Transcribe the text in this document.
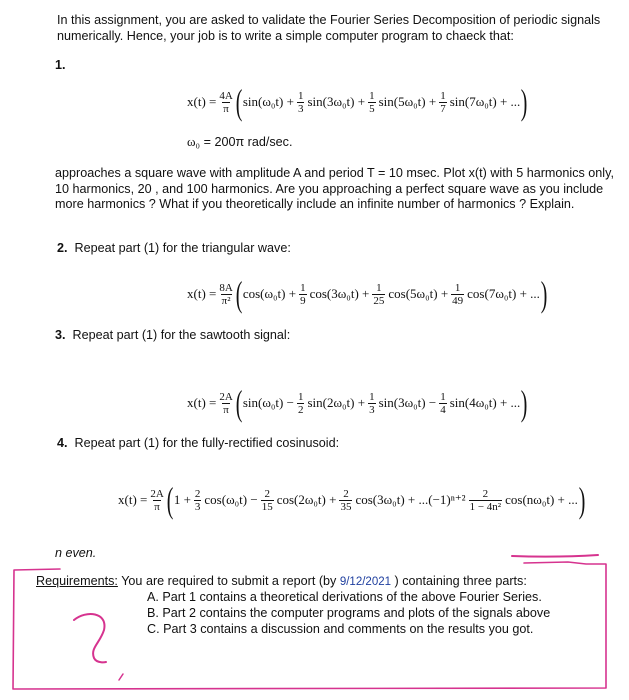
In this assignment, you are asked to validate the Fourier Series Decomposition of periodic signals numerically. Hence, your job is to write a simple computer program to chaeck that:
1.
$x(t) = \frac{4A}{\pi}$ ( $\sin(\omega_0t) + \frac{1}{3} \sin(3\omega_0t) + \frac{1}{5} \sin(5\omega_0t) + \frac{1}{7} \sin(7\omega_0t)$ + ... )
ω₀ = 200π rad/sec.
approaches a square wave with amplitude A and period T = 10 msec. Plot x(t) with 5 harmonics only, 10 harmonics, 20 , and 100 harmonics. Are you approaching a perfect square wave as you include more harmonics ? What if you theoretically include an infinite number of harmonics ? Explain.
2. Repeat part (1) for the triangular wave:
$x(t) = \frac{8A}{\text{π²}}$ ( $\cos(\omega_0t) + \frac{1}{9} \cos(3\omega_0t) + \frac{1}{25} \cos(5\omega_0t) + \frac{1}{49} \cos(7\omega_0t)$ + ... )
3. Repeat part (1) for the sawtooth signal:
$x(t) = \frac{2A}{\pi}$ ( $\sin(\omega_0t) - \frac{1}{2} \sin(2\omega_0t) + \frac{1}{3} \sin(3\omega_0t) - \frac{1}{4} \sin(4\omega_0t)$ + ... )
4. Repeat part (1) for the fully-rectified cosinusoid:
$x(t) = \frac{2A}{\pi}$ ( $1 + \frac{2}{3} \cos(\omega_0t) - \frac{2}{15} \cos(2\omega_0t) + \frac{2}{35} \cos(3\omega_0t) + ...(-1)^{n+2}$ 2
1 − 4n² cos(nω₀t) + ... )
n even.
Requirements: You are required to submit a report (by 9/12/2021 ) containing three parts:
A. Part 1 contains a theoretical derivations of the above Fourier Series.
B. Part 2 contains the computer programs and plots of the signals above
C. Part 3 contains a discussion and comments on the results you got.
